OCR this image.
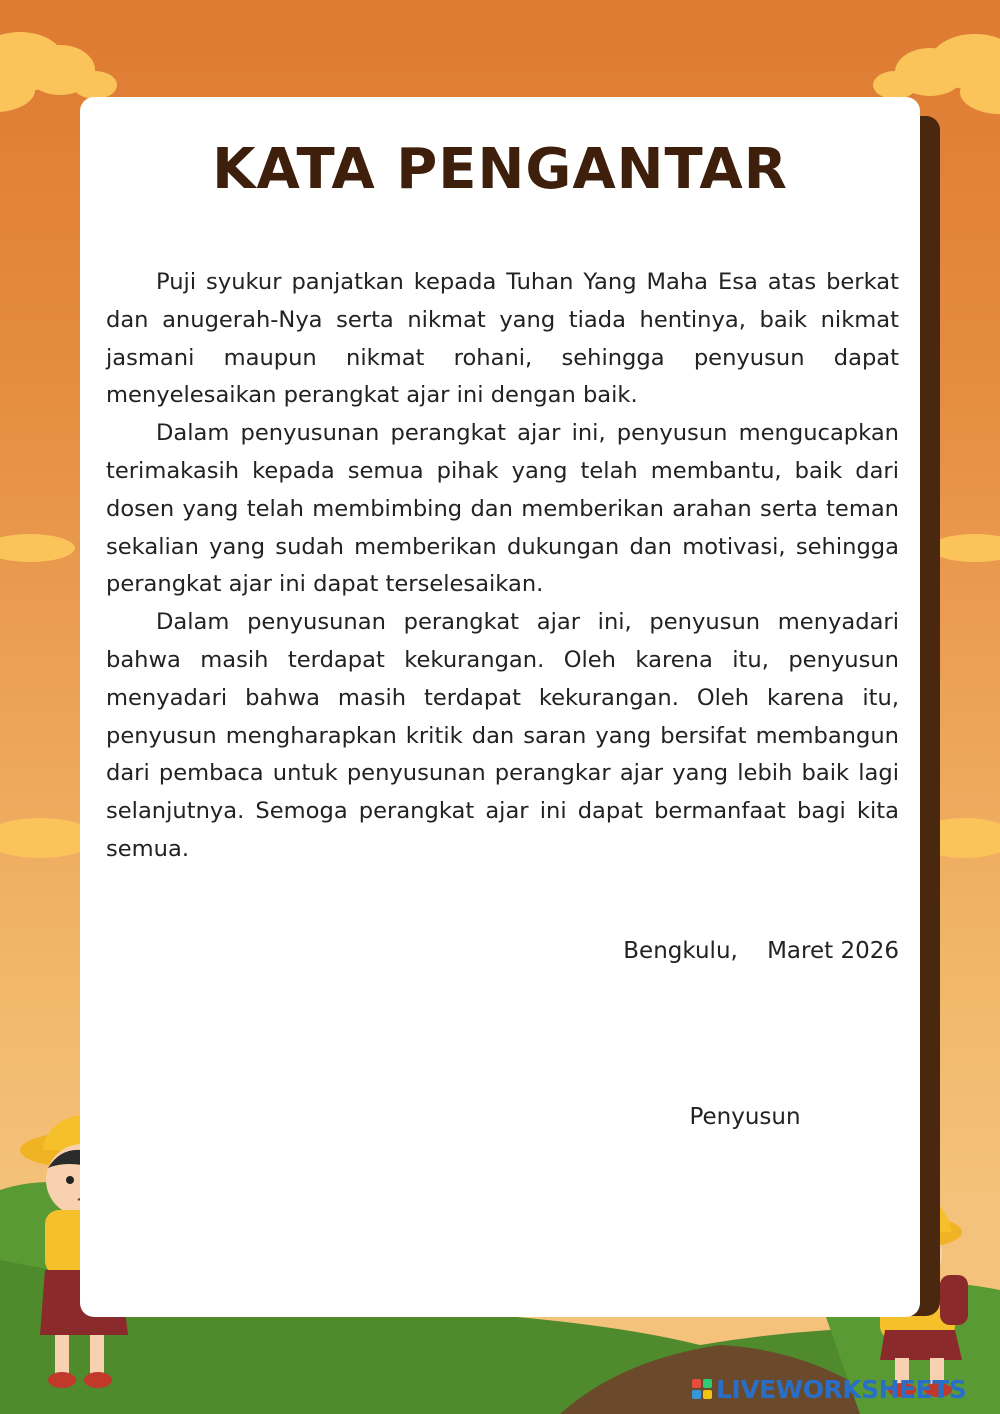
KATA PENGANTAR

Puji syukur panjatkan kepada Tuhan Yang Maha Esa atas berkat dan anugerah-Nya serta nikmat yang tiada hentinya, baik nikmat jasmani maupun nikmat rohani, sehingga penyusun dapat menyelesaikan perangkat ajar ini dengan baik.

Dalam penyusunan perangkat ajar ini, penyusun mengucapkan terimakasih kepada semua pihak yang telah membantu, baik dari dosen yang telah membimbing dan memberikan arahan serta teman sekalian yang sudah memberikan dukungan dan motivasi, sehingga perangkat ajar ini dapat terselesaikan.

Dalam penyusunan perangkat ajar ini, penyusun menyadari bahwa masih terdapat kekurangan. Oleh karena itu, penyusun menyadari bahwa masih terdapat kekurangan. Oleh karena itu, penyusun mengharapkan kritik dan saran yang bersifat membangun dari pembaca untuk penyusunan perangkar ajar yang lebih baik lagi selanjutnya. Semoga perangkat ajar ini dapat bermanfaat bagi kita semua.

Bengkulu,    Maret 2026
Penyusun
LIVEWORKSHEETS
